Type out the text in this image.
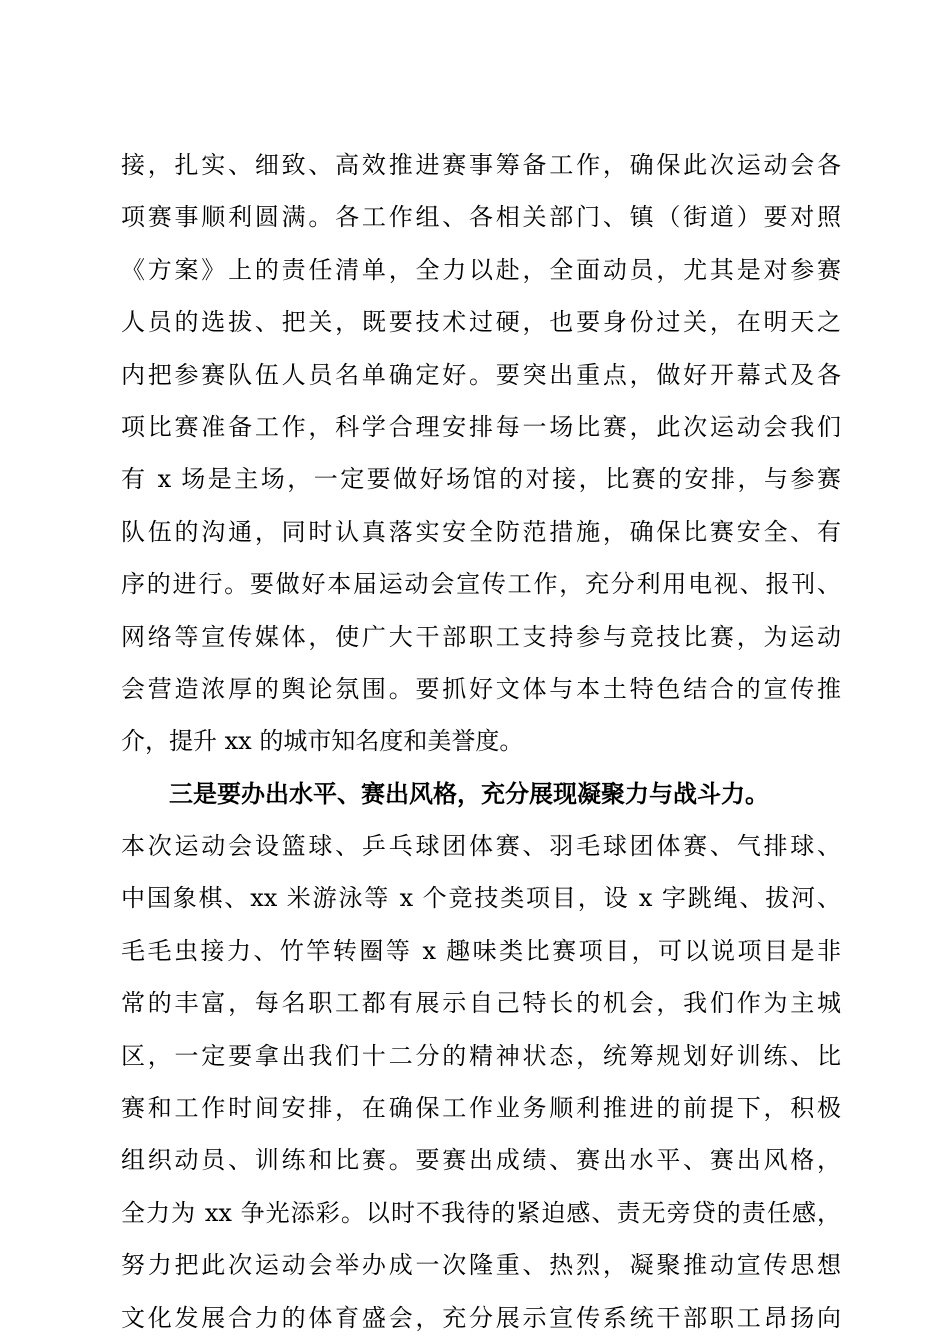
接，扎实、细致、高效推进赛事筹备工作，确保此次运动会各
项赛事顺利圆满。各工作组、各相关部门、镇（街道）要对照
《方案》上的责任清单，全力以赴，全面动员，尤其是对参赛
人员的选拔、把关，既要技术过硬，也要身份过关，在明天之
内把参赛队伍人员名单确定好。要突出重点，做好开幕式及各
项比赛准备工作，科学合理安排每一场比赛，此次运动会我们
有 x 场是主场，一定要做好场馆的对接，比赛的安排，与参赛
队伍的沟通，同时认真落实安全防范措施，确保比赛安全、有
序的进行。要做好本届运动会宣传工作，充分利用电视、报刊、
网络等宣传媒体，使广大干部职工支持参与竞技比赛，为运动
会营造浓厚的舆论氛围。要抓好文体与本土特色结合的宣传推
介，提升 xx 的城市知名度和美誉度。
三是要办出水平、赛出风格，充分展现凝聚力与战斗力。
本次运动会设篮球、乒乓球团体赛、羽毛球团体赛、气排球、
中国象棋、xx 米游泳等 x 个竞技类项目，设 x 字跳绳、拔河、
毛毛虫接力、竹竿转圈等 x 趣味类比赛项目，可以说项目是非
常的丰富，每名职工都有展示自己特长的机会，我们作为主城
区，一定要拿出我们十二分的精神状态，统筹规划好训练、比
赛和工作时间安排，在确保工作业务顺利推进的前提下，积极
组织动员、训练和比赛。要赛出成绩、赛出水平、赛出风格，
全力为 xx 争光添彩。以时不我待的紧迫感、责无旁贷的责任感，
努力把此次运动会举办成一次隆重、热烈，凝聚推动宣传思想
文化发展合力的体育盛会，充分展示宣传系统干部职工昂扬向
